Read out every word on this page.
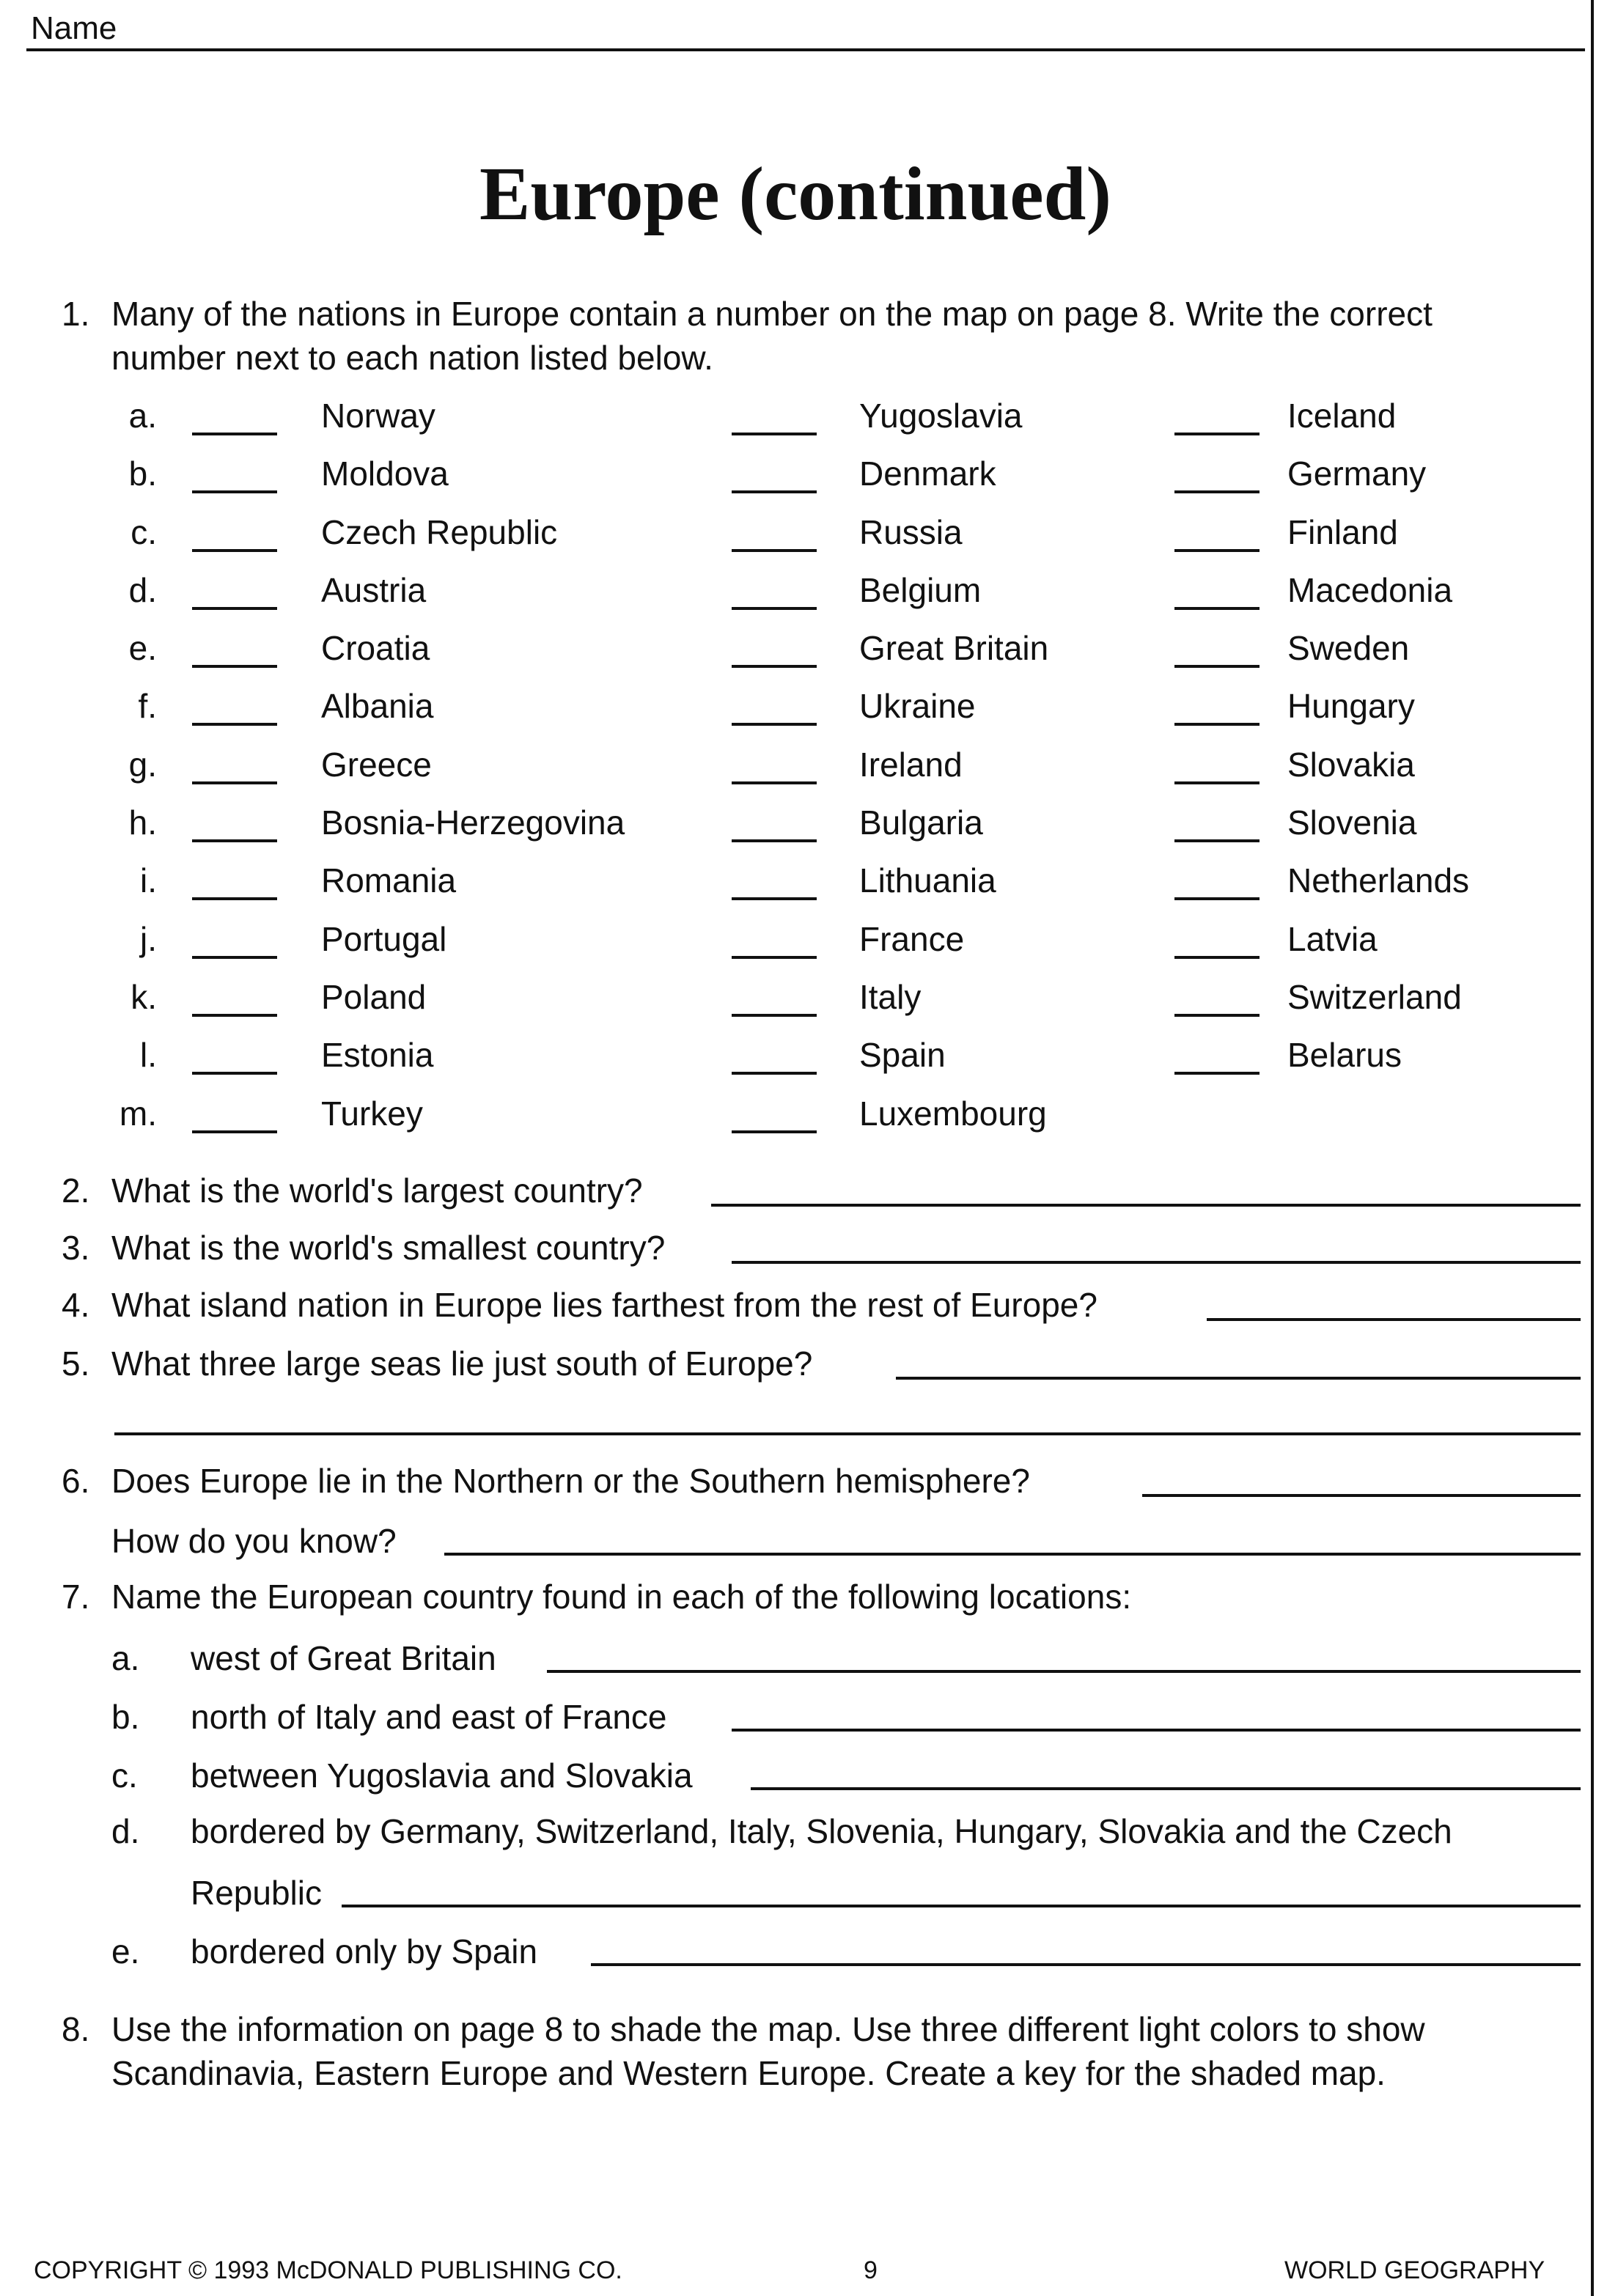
Name
Europe (continued)
1. Many of the nations in Europe contain a number on the map on page 8. Write the correct
number next to each nation listed below.
a.	Norway	Yugoslavia	Iceland
b.	Moldova	Denmark	Germany
c.	Czech Republic	Russia	Finland
d.	Austria	Belgium	Macedonia
e.	Croatia	Great Britain	Sweden
f.	Albania	Ukraine	Hungary
g.	Greece	Ireland	Slovakia
h.	Bosnia-Herzegovina	Bulgaria	Slovenia
i.	Romania	Lithuania	Netherlands
j.	Portugal	France	Latvia
k.	Poland	Italy	Switzerland
l.	Estonia	Spain	Belarus
m.	Turkey	Luxembourg
2. What is the world's largest country?
3. What is the world's smallest country?
4. What island nation in Europe lies farthest from the rest of Europe?
5. What three large seas lie just south of Europe?
6. Does Europe lie in the Northern or the Southern hemisphere?
How do you know?
7. Name the European country found in each of the following locations:
a. west of Great Britain
b. north of Italy and east of France
c. between Yugoslavia and Slovakia
d. bordered by Germany, Switzerland, Italy, Slovenia, Hungary, Slovakia and the Czech
Republic
e. bordered only by Spain
8. Use the information on page 8 to shade the map. Use three different light colors to show
Scandinavia, Eastern Europe and Western Europe. Create a key for the shaded map.
COPYRIGHT © 1993 McDONALD PUBLISHING CO.	9	WORLD GEOGRAPHY
